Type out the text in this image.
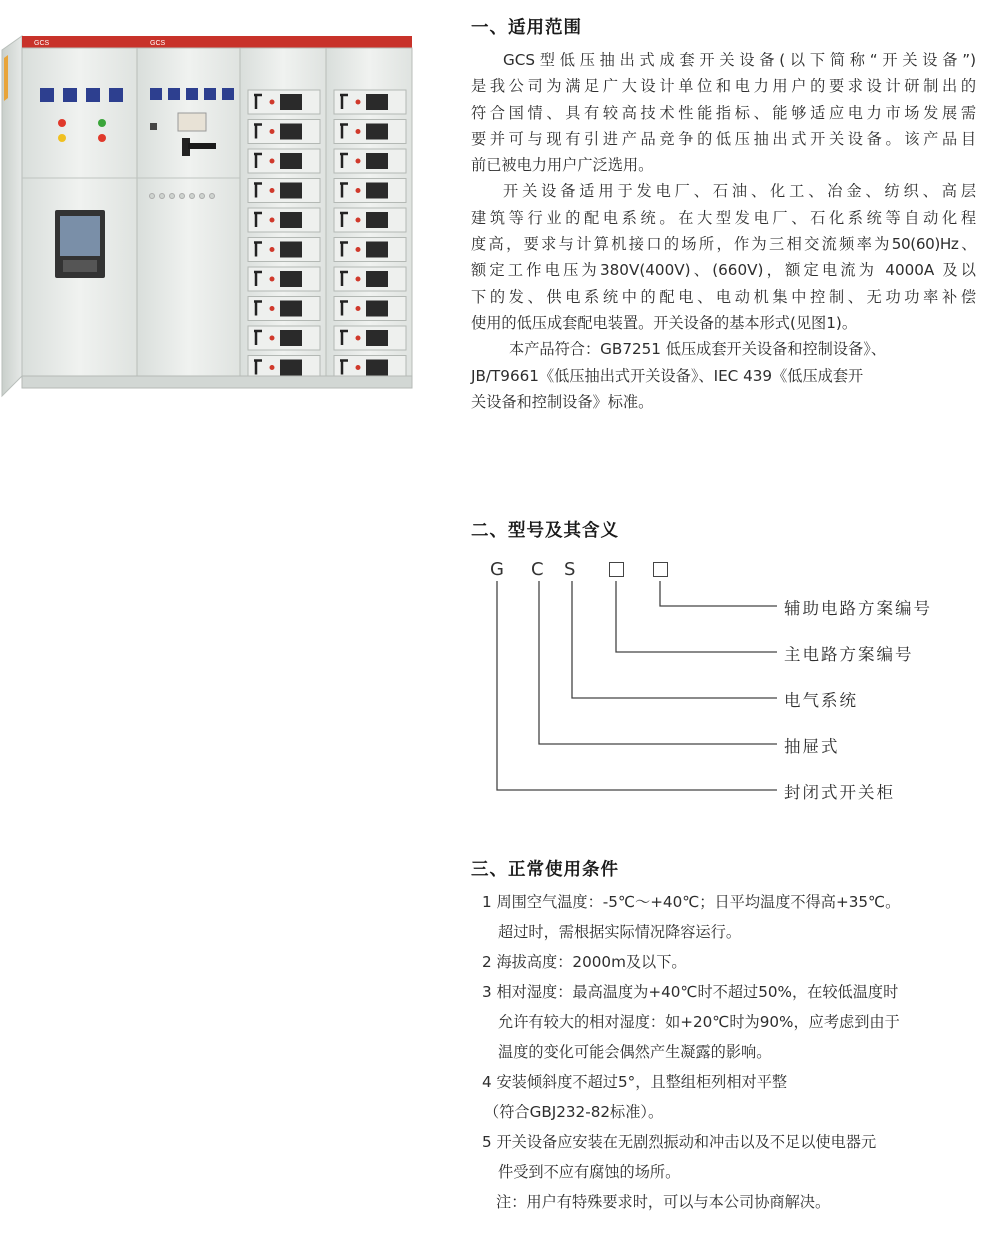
GCS	GCS
一、适用范围

GCS型低压抽出式成套开关设备(以下简称“开关设备”)

是我公司为满足广大设计单位和电力用户的要求设计研制出的

符合国情、具有较高技术性能指标、能够适应电力市场发展需

要并可与现有引进产品竞争的低压抽出式开关设备。该产品目

前已被电力用户广泛选用。

开关设备适用于发电厂、石油、化工、冶金、纺织、高层

建筑等行业的配电系统。在大型发电厂、石化系统等自动化程

度高，要求与计算机接口的场所，作为三相交流频率为50(60)Hz、

额定工作电压为380V(400V)、(660V)，额定电流为 4000A 及以

下的发、供电系统中的配电、电动机集中控制、无功功率补偿

使用的低压成套配电装置。开关设备的基本形式(见图1)。

本产品符合：GB7251 低压成套开关设备和控制设备》、

JB/T9661《低压抽出式开关设备》、IEC 439《低压成套开

关设备和控制设备》标准。

二、型号及其含义
G C S
辅助电路方案编号
主电路方案编号
电气系统
抽屉式
封闭式开关柜
三、正常使用条件
1 周围空气温度：-5℃～+40℃；日平均温度不得高+35℃。
超过时，需根据实际情况降容运行。
2 海拔高度：2000m及以下。
3 相对湿度：最高温度为+40℃时不超过50%，在较低温度时
允许有较大的相对湿度：如+20℃时为90%，应考虑到由于
温度的变化可能会偶然产生凝露的影响。
4 安装倾斜度不超过5°，且整组柜列相对平整
（符合GBJ232-82标准）。
5 开关设备应安装在无剧烈振动和冲击以及不足以使电器元
件受到不应有腐蚀的场所。
注：用户有特殊要求时，可以与本公司协商解决。
